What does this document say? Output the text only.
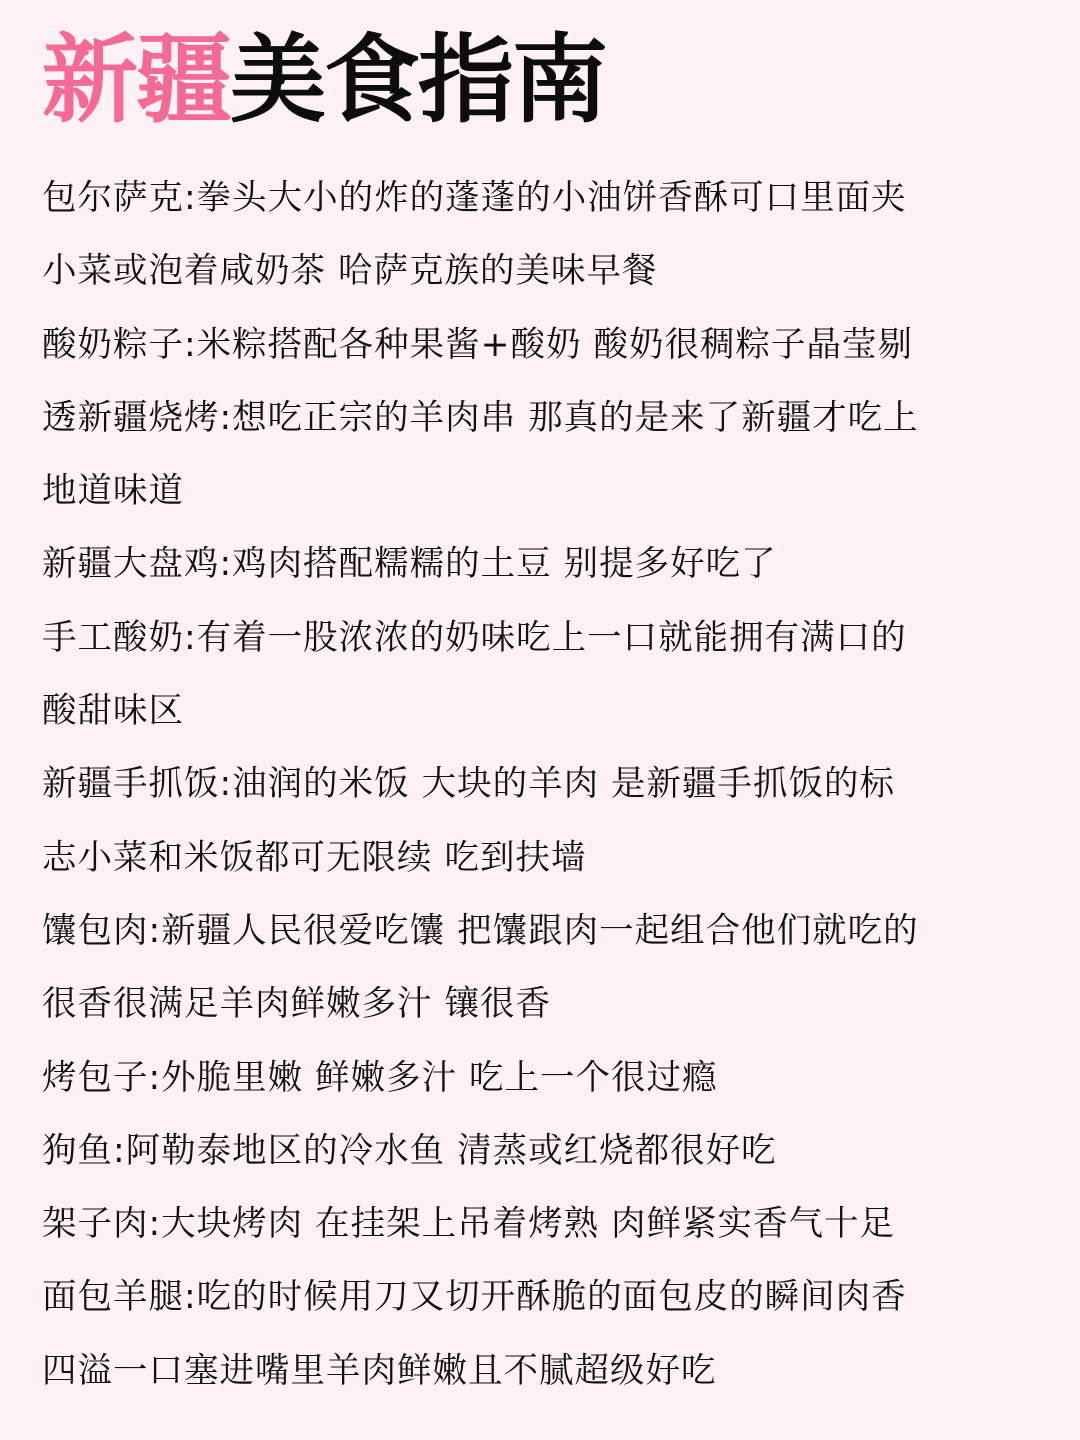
新疆美食指南
包尔萨克:拳头大小的炸的蓬蓬的小油饼香酥可口里面夹
小菜或泡着咸奶茶 哈萨克族的美味早餐
酸奶粽子:米粽搭配各种果酱+酸奶 酸奶很稠粽子晶莹剔
透新疆烧烤:想吃正宗的羊肉串 那真的是来了新疆才吃上
地道味道
新疆大盘鸡:鸡肉搭配糯糯的土豆 别提多好吃了
手工酸奶:有着一股浓浓的奶味吃上一口就能拥有满口的
酸甜味区
新疆手抓饭:油润的米饭 大块的羊肉 是新疆手抓饭的标
志小菜和米饭都可无限续 吃到扶墙
馕包肉:新疆人民很爱吃馕 把馕跟肉一起组合他们就吃的
很香很满足羊肉鲜嫩多汁 镶很香
烤包子:外脆里嫩 鲜嫩多汁 吃上一个很过瘾
狗鱼:阿勒泰地区的冷水鱼 清蒸或红烧都很好吃
架子肉:大块烤肉 在挂架上吊着烤熟 肉鲜紧实香气十足
面包羊腿:吃的时候用刀又切开酥脆的面包皮的瞬间肉香
四溢一口塞进嘴里羊肉鲜嫩且不腻超级好吃
